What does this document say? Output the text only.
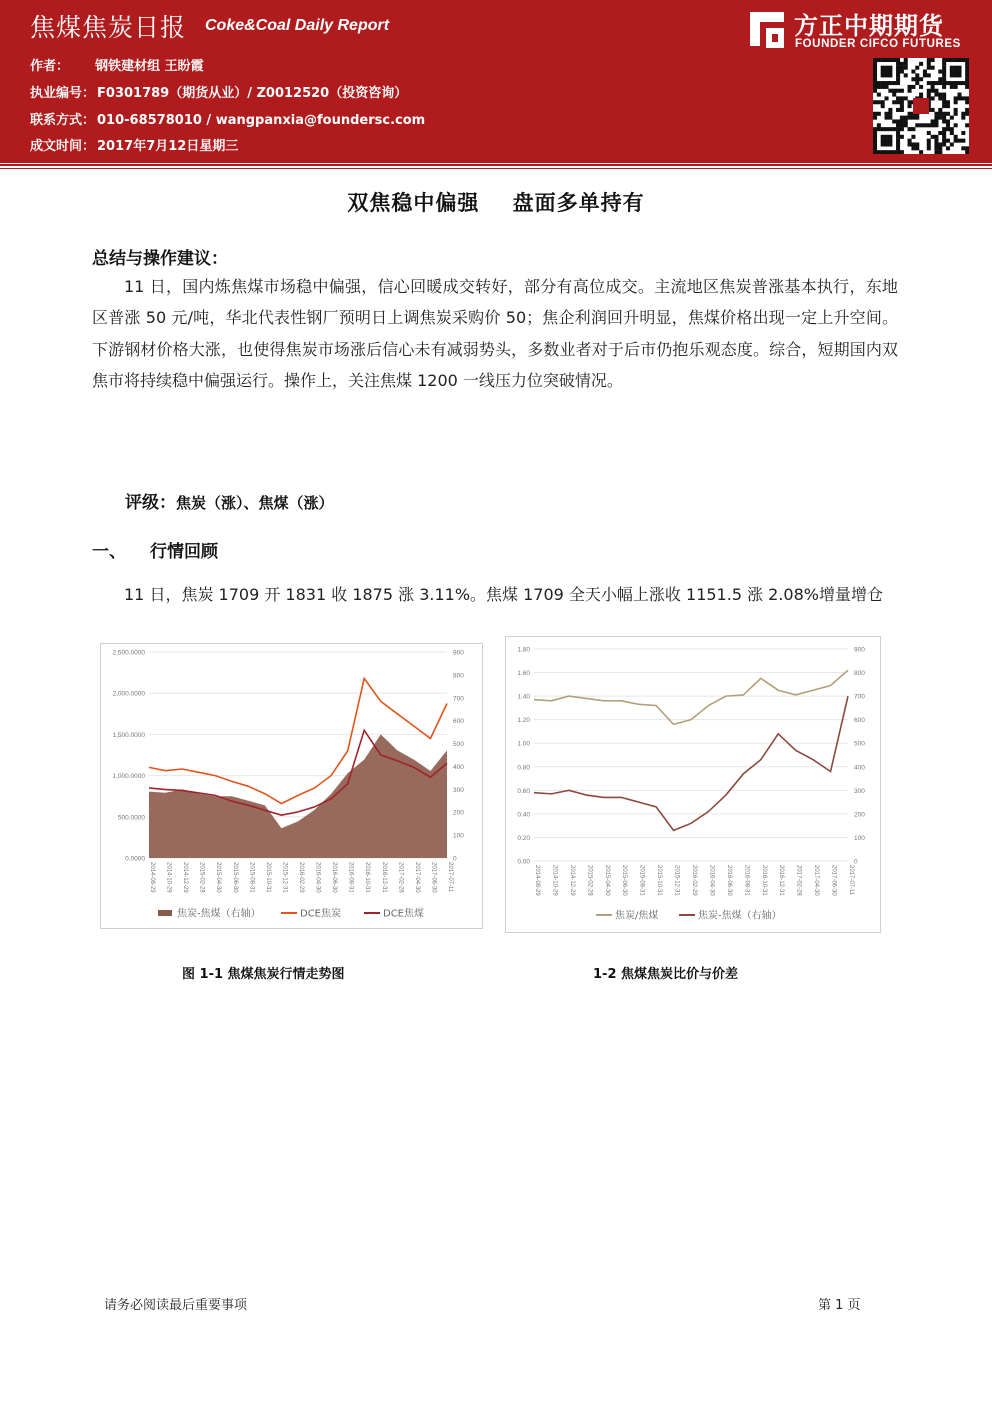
焦煤焦炭日报 Coke&Coal Daily Report
作者： 钢铁建材组 王盼霞
执业编号： F0301789（期货从业）/ Z0012520（投资咨询）
联系方式： 010-68578010 / wangpanxia@foundersc.com
成文时间： 2017年7月12日星期三
方正中期期货
FOUNDER CIFCO FUTURES
双焦稳中偏强    盘面多单持有
总结与操作建议：
11 日，国内炼焦煤市场稳中偏强，信心回暖成交转好，部分有高位成交。主流地区焦炭普涨基本执行，东地区普涨 50 元/吨，华北代表性钢厂预明日上调焦炭采购价 50；焦企利润回升明显，焦煤价格出现一定上升空间。下游钢材价格大涨，也使得焦炭市场涨后信心未有减弱势头，多数业者对于后市仍抱乐观态度。综合，短期国内双焦市将持续稳中偏强运行。操作上，关注焦煤 1200 一线压力位突破情况。
评级：焦炭（涨）、焦煤（涨）
一、 行情回顾
11 日，焦炭 1709 开 1831 收 1875 涨 3.11%。焦煤 1709 全天小幅上涨收 1151.5 涨 2.08%增量增仓
0.0000
500.0000
1,000.0000
1,500.0000
2,000.0000
2,500.0000
0
100
200
300
400
500
600
700
800
900
2014-08-29 2014-10-29 2014-12-29 2015-02-28 2015-04-30 2015-06-30 2015-08-31 2015-10-31 2015-12-31 2016-02-29 2016-04-30 2016-06-30 2016-08-31 2016-10-31 2016-12-31 2017-02-28 2017-04-30 2017-06-30 2017-07-11
焦炭-焦煤（右轴）	DCE焦炭	DCE焦煤
0.00
0.20
0.40
0.60
0.80
1.00
1.20
1.40
1.60
1.80
0
100
200
300
400
500
600
700
800
900
2014-08-29 2014-10-29 2014-12-29 2015-02-28 2015-04-30 2015-06-30 2015-08-31 2015-10-31 2015-12-31 2016-02-29 2016-04-30 2016-06-30 2016-08-31 2016-10-31 2016-12-31 2017-02-28 2017-04-30 2017-06-30 2017-07-11
焦炭/焦煤	焦炭-焦煤（右轴）
图 1-1 焦煤焦炭行情走势图	1-2 焦煤焦炭比价与价差
请务必阅读最后重要事项	第 1 页
